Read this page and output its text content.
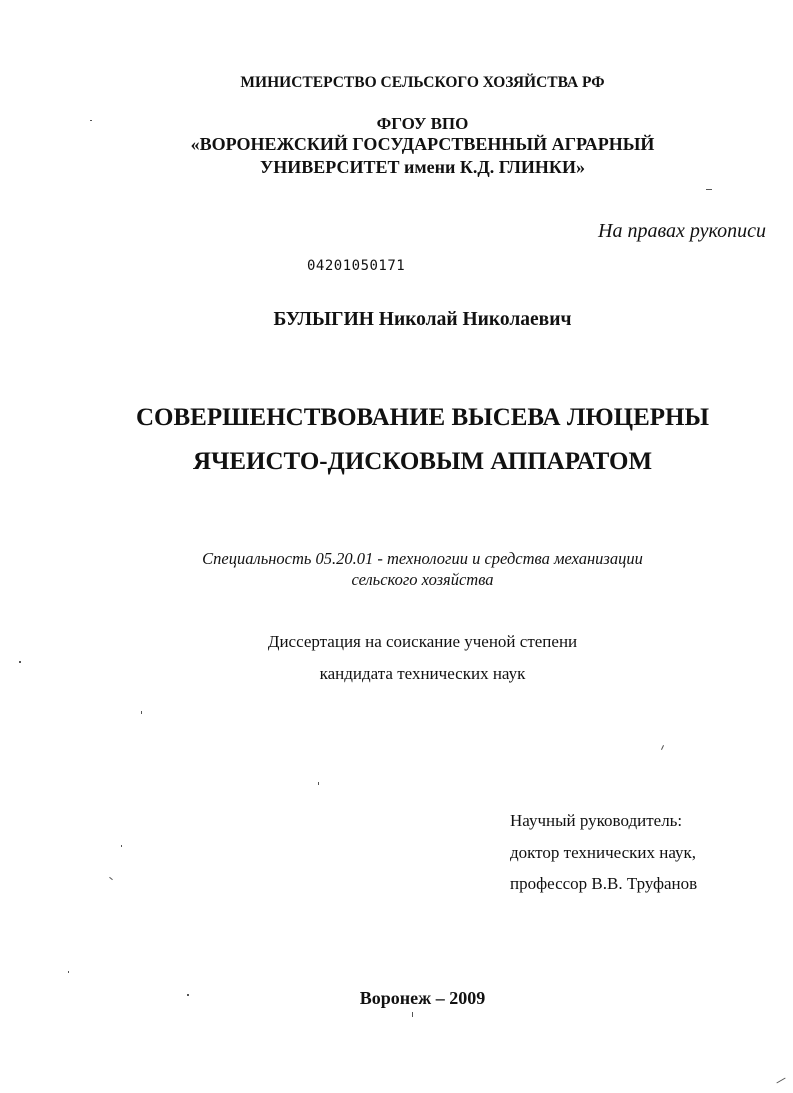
МИНИСТЕРСТВО СЕЛЬСКОГО ХОЗЯЙСТВА РФ
ФГОУ ВПО
«ВОРОНЕЖСКИЙ ГОСУДАРСТВЕННЫЙ АГРАРНЫЙ
УНИВЕРСИТЕТ имени К.Д. ГЛИНКИ»
На правах рукописи
04201050171
БУЛЫГИН Николай Николаевич
СОВЕРШЕНСТВОВАНИЕ ВЫСЕВА ЛЮЦЕРНЫ
ЯЧЕИСТО-ДИСКОВЫМ АППАРАТОМ
Специальность 05.20.01 - технологии и средства механизации
сельского хозяйства
Диссертация на соискание ученой степени
кандидата технических наук
Научный руководитель:
доктор технических наук,
профессор В.В. Труфанов
Воронеж – 2009
